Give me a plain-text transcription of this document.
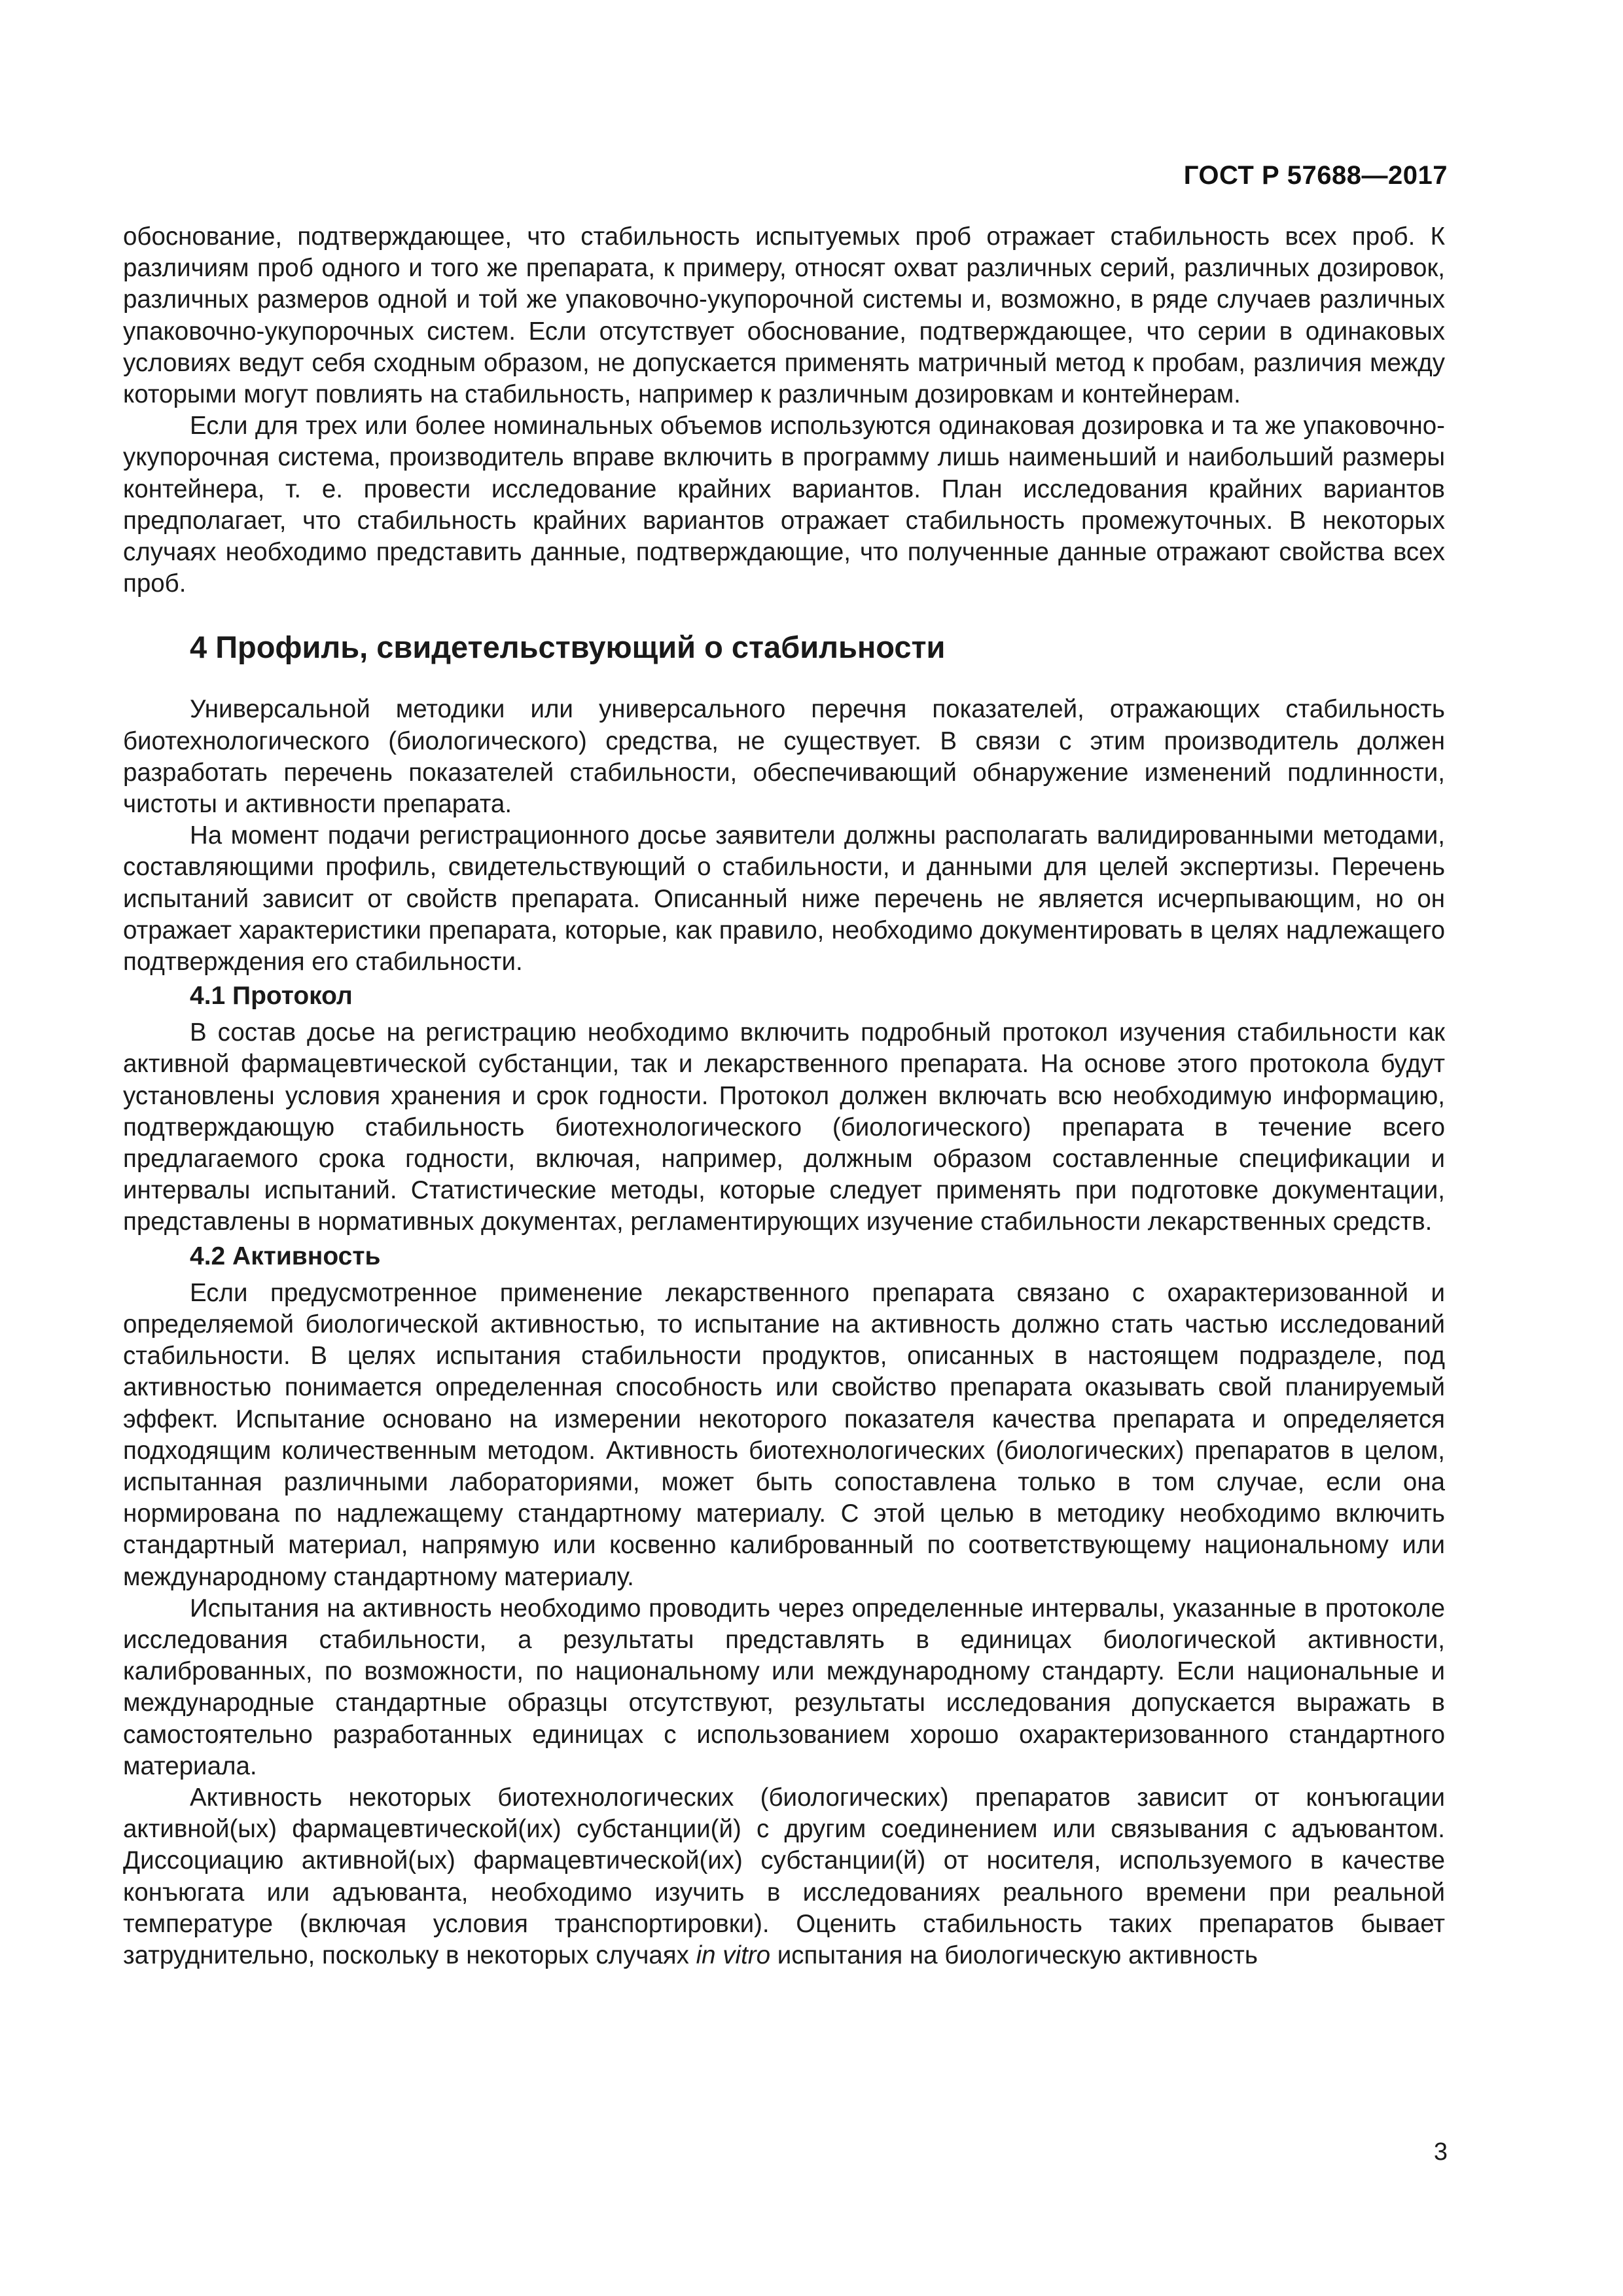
ГОСТ Р 57688—2017

обоснование, подтверждающее, что стабильность испытуемых проб отражает стабильность всех проб. К различиям проб одного и того же препарата, к примеру, относят охват различных серий, различных дозировок, различных размеров одной и той же упаковочно-укупорочной системы и, возможно, в ряде случаев различных упаковочно-укупорочных систем. Если отсутствует обоснование, подтверждающее, что серии в одинаковых условиях ведут себя сходным образом, не допускается применять матричный метод к пробам, различия между которыми могут повлиять на стабильность, например к различным дозировкам и контейнерам.

Если для трех или более номинальных объемов используются одинаковая дозировка и та же упаковочно-укупорочная система, производитель вправе включить в программу лишь наименьший и наибольший размеры контейнера, т. е. провести исследование крайних вариантов. План исследования крайних вариантов предполагает, что стабильность крайних вариантов отражает стабильность промежуточных. В некоторых случаях необходимо представить данные, подтверждающие, что полученные данные отражают свойства всех проб.

4 Профиль, свидетельствующий о стабильности

Универсальной методики или универсального перечня показателей, отражающих стабильность биотехнологического (биологического) средства, не существует. В связи с этим производитель должен разработать перечень показателей стабильности, обеспечивающий обнаружение изменений подлинности, чистоты и активности препарата.

На момент подачи регистрационного досье заявители должны располагать валидированными методами, составляющими профиль, свидетельствующий о стабильности, и данными для целей экспертизы. Перечень испытаний зависит от свойств препарата. Описанный ниже перечень не является исчерпывающим, но он отражает характеристики препарата, которые, как правило, необходимо документировать в целях надлежащего подтверждения его стабильности.

4.1 Протокол

В состав досье на регистрацию необходимо включить подробный протокол изучения стабильности как активной фармацевтической субстанции, так и лекарственного препарата. На основе этого протокола будут установлены условия хранения и срок годности. Протокол должен включать всю необходимую информацию, подтверждающую стабильность биотехнологического (биологического) препарата в течение всего предлагаемого срока годности, включая, например, должным образом составленные спецификации и интервалы испытаний. Статистические методы, которые следует применять при подготовке документации, представлены в нормативных документах, регламентирующих изучение стабильности лекарственных средств.

4.2 Активность

Если предусмотренное применение лекарственного препарата связано с охарактеризованной и определяемой биологической активностью, то испытание на активность должно стать частью исследований стабильности. В целях испытания стабильности продуктов, описанных в настоящем подразделе, под активностью понимается определенная способность или свойство препарата оказывать свой планируемый эффект. Испытание основано на измерении некоторого показателя качества препарата и определяется подходящим количественным методом. Активность биотехнологических (биологических) препаратов в целом, испытанная различными лабораториями, может быть сопоставлена только в том случае, если она нормирована по надлежащему стандартному материалу. С этой целью в методику необходимо включить стандартный материал, напрямую или косвенно калиброванный по соответствующему национальному или международному стандартному материалу.

Испытания на активность необходимо проводить через определенные интервалы, указанные в протоколе исследования стабильности, а результаты представлять в единицах биологической активности, калиброванных, по возможности, по национальному или международному стандарту. Если национальные и международные стандартные образцы отсутствуют, результаты исследования допускается выражать в самостоятельно разработанных единицах с использованием хорошо охарактеризованного стандартного материала.

Активность некоторых биотехнологических (биологических) препаратов зависит от конъюгации активной(ых) фармацевтической(их) субстанции(й) с другим соединением или связывания с адъювантом. Диссоциацию активной(ых) фармацевтической(их) субстанции(й) от носителя, используемого в качестве конъюгата или адъюванта, необходимо изучить в исследованиях реального времени при реальной температуре (включая условия транспортировки). Оценить стабильность таких препаратов бывает затруднительно, поскольку в некоторых случаях in vitro испытания на биологическую активность

3
